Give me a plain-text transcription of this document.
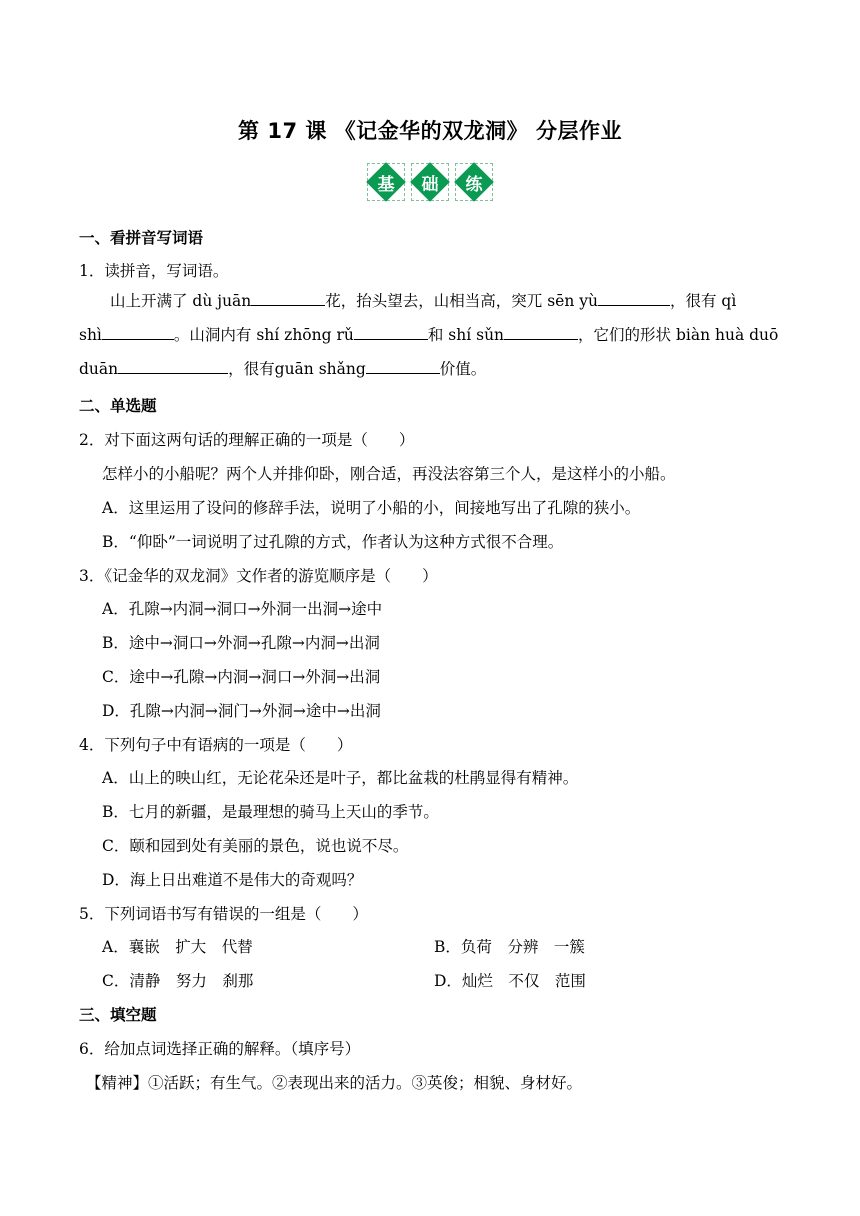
第 17 课 《记金华的双龙洞》 分层作业
基	础	练
一、看拼音写词语
1．读拼音，写词语。
山上开满了 dù juān	花，抬头望去，山相当高，突兀 sēn yù	，很有 qì
shì	。山洞内有 shí zhōng rǔ	和 shí sǔn	，它们的形状 biàn huà duō
duān	，很有guān shǎng	价值。
二、单选题
2．对下面这两句话的理解正确的一项是（　　）
怎样小的小船呢？两个人并排仰卧，刚合适，再没法容第三个人，是这样小的小船。
A．这里运用了设问的修辞手法，说明了小船的小，间接地写出了孔隙的狭小。
B．“仰卧”一词说明了过孔隙的方式，作者认为这种方式很不合理。
3．《记金华的双龙洞》文作者的游览顺序是（　　）
A．孔隙→内洞→洞口→外洞一出洞→途中
B．途中→洞口→外洞→孔隙→内洞→出洞
C．途中→孔隙→内洞→洞口→外洞→出洞
D．孔隙→内洞→洞门→外洞→途中→出洞
4．下列句子中有语病的一项是（　　）
A．山上的映山红，无论花朵还是叶子，都比盆栽的杜鹃显得有精神。
B．七月的新疆，是最理想的骑马上天山的季节。
C．颐和园到处有美丽的景色，说也说不尽。
D．海上日出难道不是伟大的奇观吗？
5．下列词语书写有错误的一组是（　　）
A．襄嵌　扩大　代替	B．负荷　分辨　一簇
C．清静　努力　刹那	D．灿烂　不仅　范围
三、填空题
6．给加点词选择正确的解释。（填序号）
【精神】①活跃；有生气。②表现出来的活力。③英俊；相貌、身材好。
